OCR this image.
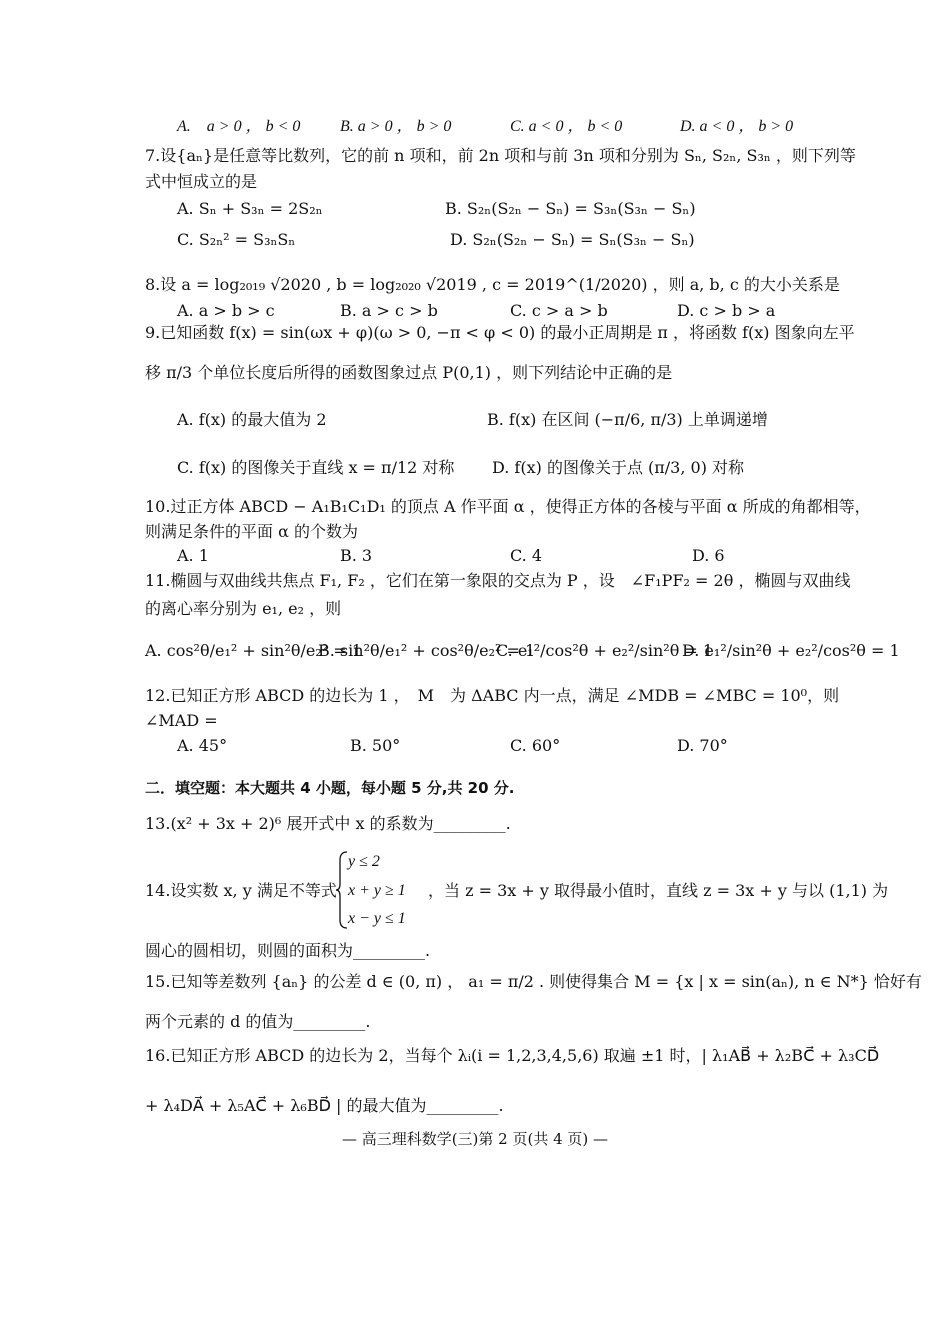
A.　a > 0 ， b < 0 B. a > 0 ， b > 0	C. a < 0 ， b < 0	D. a < 0 ， b > 0
7.设{aₙ}是任意等比数列，它的前 n 项和，前 2n 项和与前 3n 项和分别为 Sₙ, S₂ₙ, S₃ₙ ，则下列等
式中恒成立的是
A. Sₙ + S₃ₙ = 2S₂ₙ	B. S₂ₙ(S₂ₙ − Sₙ) = S₃ₙ(S₃ₙ − Sₙ)
C. S₂ₙ² = S₃ₙSₙ	D. S₂ₙ(S₂ₙ − Sₙ) = Sₙ(S₃ₙ − Sₙ)
8.设 a = log₂₀₁₉ √2020 , b = log₂₀₂₀ √2019 , c = 2019^(1/2020) ，则 a, b, c 的大小关系是
A. a > b > c	B. a > c > b	C. c > a > b	D. c > b > a
9.已知函数 f(x) = sin(ωx + φ)(ω > 0, −π < φ < 0) 的最小正周期是 π ，将函数 f(x) 图象向左平
移 π/3 个单位长度后所得的函数图象过点 P(0,1) ，则下列结论中正确的是
A. f(x) 的最大值为 2	B. f(x) 在区间 (−π/6, π/3) 上单调递增
C. f(x) 的图像关于直线 x = π/12 对称 D. f(x) 的图像关于点 (π/3, 0) 对称
10.过正方体 ABCD − A₁B₁C₁D₁ 的顶点 A 作平面 α ，使得正方体的各棱与平面 α 所成的角都相等，
则满足条件的平面 α 的个数为
A. 1	B. 3	C. 4	D. 6
11.椭圆与双曲线共焦点 F₁, F₂ ，它们在第一象限的交点为 P ，设　∠F₁PF₂ = 2θ ，椭圆与双曲线
的离心率分别为 e₁, e₂ ，则
A. cos²θ/e₁² + sin²θ/e₂² = 1
B. sin²θ/e₁² + cos²θ/e₂² = 1
C. e₁²/cos²θ + e₂²/sin²θ = 1
D. e₁²/sin²θ + e₂²/cos²θ = 1
12.已知正方形 ABCD 的边长为 1 ，　M　为 ΔABC 内一点，满足 ∠MDB = ∠MBC = 10⁰，则
∠MAD =
A. 45°	B. 50°	C. 60°	D. 70°
二．填空题：本大题共 4 小题，每小题 5 分,共 20 分.
13.(x² + 3x + 2)⁶ 展开式中 x 的系数为_________.
14.设实数 x, y 满足不等式
y ≤ 2
x + y ≥ 1
x − y ≤ 1
，当 z = 3x + y 取得最小值时，直线 z = 3x + y 与以 (1,1) 为
圆心的圆相切，则圆的面积为_________.
15.已知等差数列 {aₙ} 的公差 d ∈ (0, π) ， a₁ = π/2 . 则使得集合 M = {x | x = sin(aₙ), n ∈ N*} 恰好有
两个元素的 d 的值为_________.
16.已知正方形 ABCD 的边长为 2，当每个 λᵢ(i = 1,2,3,4,5,6) 取遍 ±1 时，| λ₁AB⃗ + λ₂BC⃗ + λ₃CD⃗
+ λ₄DA⃗ + λ₅AC⃗ + λ₆BD⃗ | 的最大值为_________.
— 高三理科数学(三)第 2 页(共 4 页) —
